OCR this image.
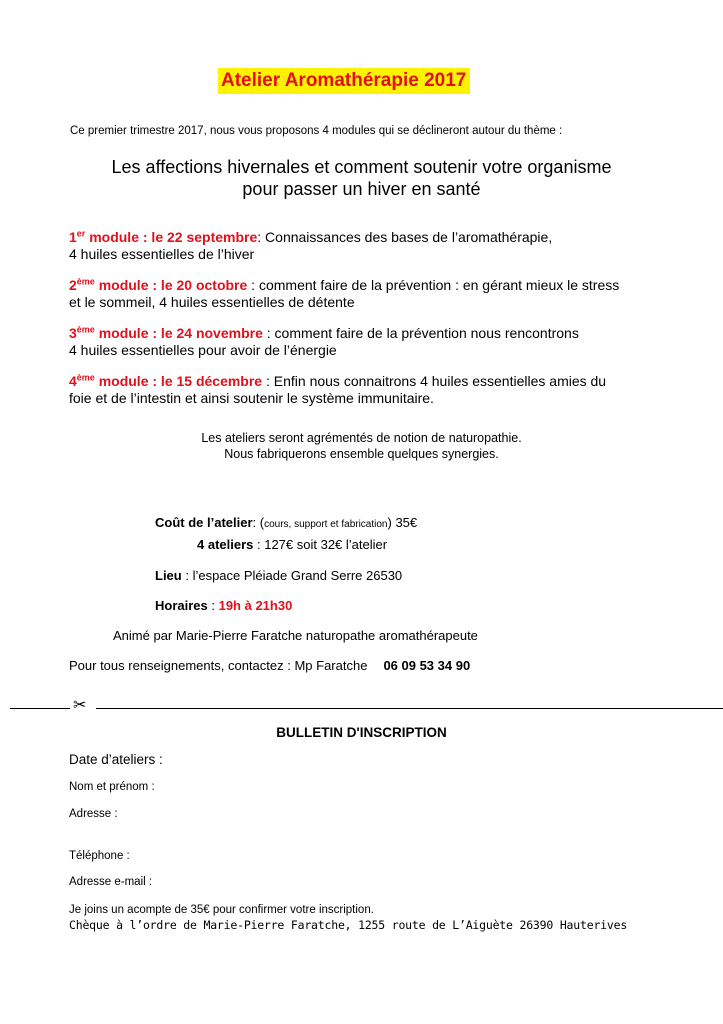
Atelier Aromathérapie 2017
Ce premier trimestre 2017, nous vous proposons 4 modules qui se déclineront autour du thème :
Les affections hivernales et comment soutenir votre organisme
pour passer un hiver en santé
1er module : le 22 septembre: Connaissances des bases de l’aromathérapie,
4 huiles essentielles de l’hiver
2ème module : le 20 octobre : comment faire de la prévention : en gérant mieux le stress
et le sommeil, 4 huiles essentielles de détente
3ème module : le 24 novembre : comment faire de la prévention nous rencontrons
4 huiles essentielles pour avoir de l’énergie
4ème module : le 15 décembre : Enfin nous connaitrons 4 huiles essentielles amies du
foie et de l’intestin et ainsi soutenir le système immunitaire.
Les ateliers seront agrémentés de notion de naturopathie.
Nous fabriquerons ensemble quelques synergies.
Coût de l’atelier: (cours, support et fabrication) 35€
4 ateliers : 127€ soit 32€ l’atelier
Lieu : l’espace Pléiade Grand Serre 26530
Horaires : 19h à 21h30
Animé par Marie-Pierre Faratche naturopathe aromathérapeute
Pour tous renseignements, contactez : Mp Faratche 06 09 53 34 90
✂
BULLETIN D'INSCRIPTION
Date d’ateliers :
Nom et prénom :
Adresse :
Téléphone :
Adresse e-mail :
Je joins un acompte de 35€ pour confirmer votre inscription.
Chèque à l’ordre de Marie-Pierre Faratche, 1255 route de L’Aiguète 26390 Hauterives
